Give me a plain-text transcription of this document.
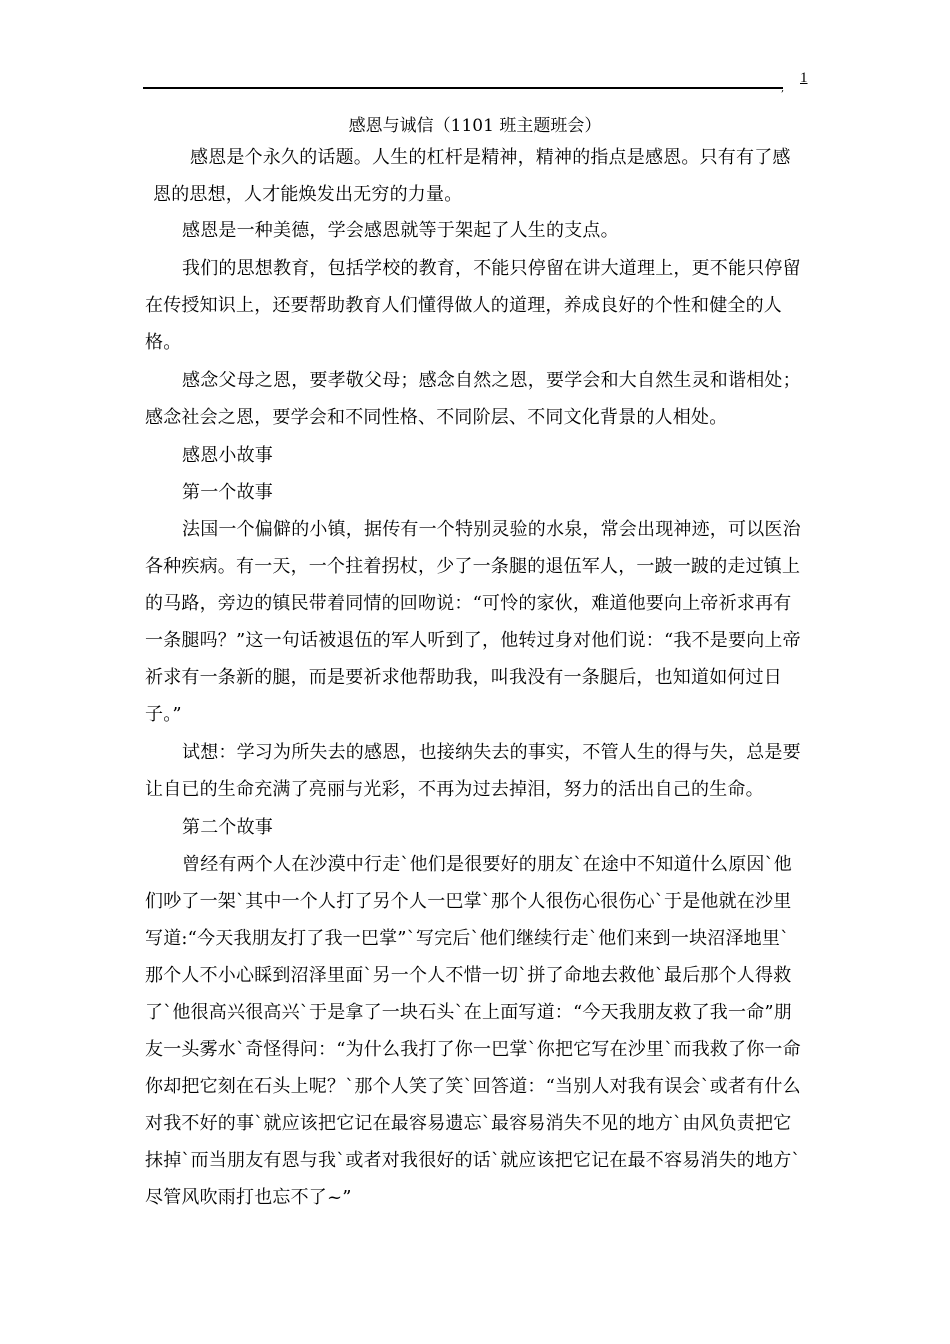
,
1
感恩与诚信（1101 班主题班会）

感恩是个永久的话题。人生的杠杆是精神，精神的指点是感恩。只有有了感恩的思想，人才能焕发出无穷的力量。

感恩是一种美德，学会感恩就等于架起了人生的支点。

我们的思想教育，包括学校的教育，不能只停留在讲大道理上，更不能只停留在传授知识上，还要帮助教育人们懂得做人的道理，养成良好的个性和健全的人格。

感念父母之恩，要孝敬父母；感念自然之恩，要学会和大自然生灵和谐相处；感念社会之恩，要学会和不同性格、不同阶层、不同文化背景的人相处。

感恩小故事

第一个故事

法国一个偏僻的小镇，据传有一个特别灵验的水泉，常会出现神迹，可以医治各种疾病。有一天，一个拄着拐杖，少了一条腿的退伍军人，一跛一跛的走过镇上的马路，旁边的镇民带着同情的回吻说：“可怜的家伙，难道他要向上帝祈求再有一条腿吗？”这一句话被退伍的军人听到了，他转过身对他们说：“我不是要向上帝祈求有一条新的腿，而是要祈求他帮助我，叫我没有一条腿后，也知道如何过日子。”

试想：学习为所失去的感恩，也接纳失去的事实，不管人生的得与失，总是要让自已的生命充满了亮丽与光彩，不再为过去掉泪，努力的活出自己的生命。

第二个故事

曾经有两个人在沙漠中行走`他们是很要好的朋友`在途中不知道什么原因`他们吵了一架`其中一个人打了另个人一巴掌`那个人很伤心很伤心`于是他就在沙里写道:“今天我朋友打了我一巴掌”`写完后`他们继续行走`他们来到一块沼泽地里`那个人不小心睬到沼泽里面`另一个人不惜一切`拼了命地去救他`最后那个人得救了`他很高兴很高兴`于是拿了一块石头`在上面写道：“今天我朋友救了我一命”朋友一头雾水`奇怪得问：“为什么我打了你一巴掌`你把它写在沙里`而我救了你一命你却把它刻在石头上呢？`那个人笑了笑`回答道：“当别人对我有误会`或者有什么对我不好的事`就应该把它记在最容易遗忘`最容易消失不见的地方`由风负责把它抹掉`而当朋友有恩与我`或者对我很好的话`就应该把它记在最不容易消失的地方`尽管风吹雨打也忘不了~”
